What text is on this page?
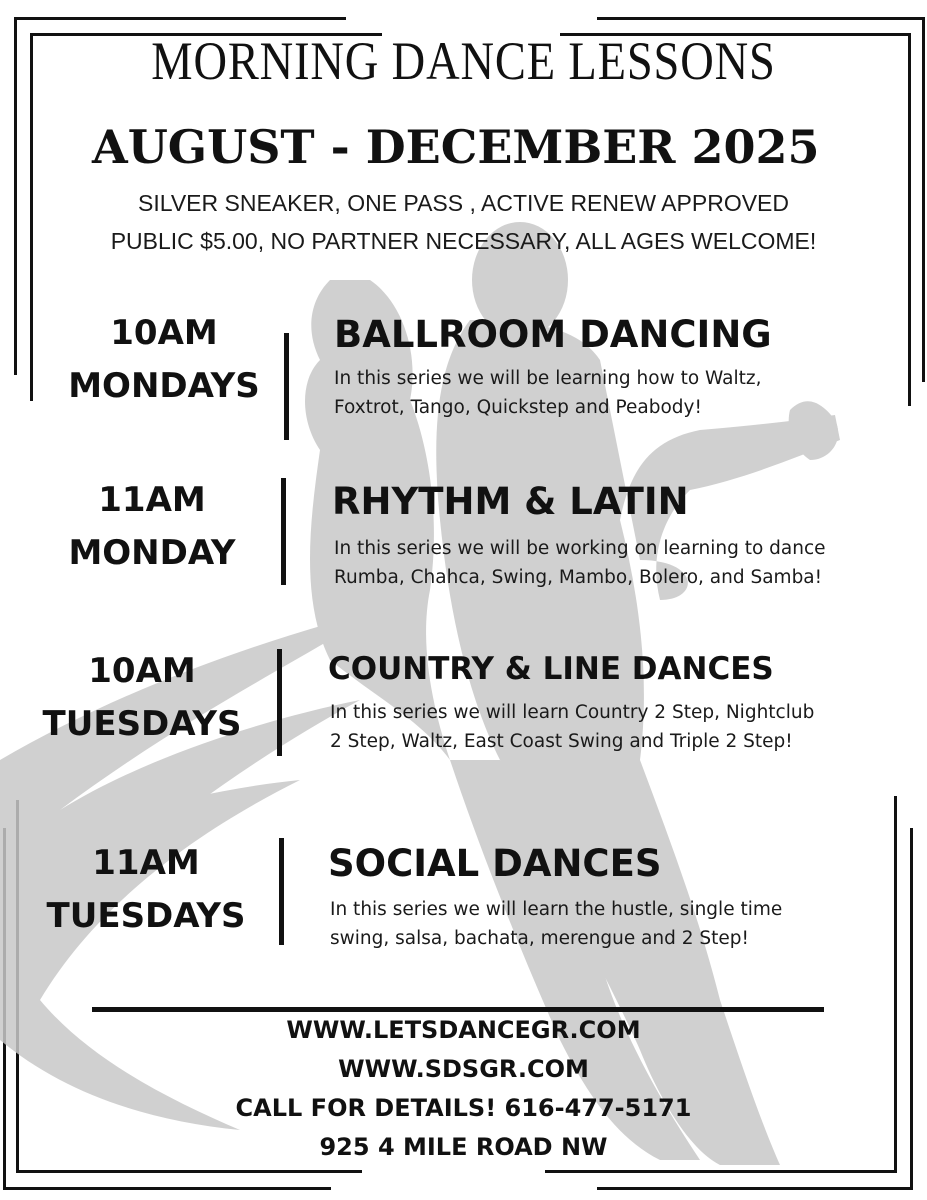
MORNING DANCE LESSONS
AUGUST - DECEMBER 2025
SILVER SNEAKER, ONE PASS , ACTIVE RENEW APPROVED
PUBLIC $5.00, NO PARTNER NECESSARY, ALL AGES WELCOME!
10AM
MONDAYS
BALLROOM DANCING
In this series we will be learning how to Waltz, Foxtrot, Tango, Quickstep and Peabody!
11AM
MONDAY
RHYTHM & LATIN
In this series we will be working on learning to dance Rumba, Chahca, Swing, Mambo, Bolero, and Samba!
10AM
TUESDAYS
COUNTRY & LINE DANCES
In this series we will learn Country 2 Step, Nightclub 2 Step, Waltz, East Coast Swing and Triple 2 Step!
11AM
TUESDAYS
SOCIAL DANCES
In this series we will learn the hustle, single time swing, salsa, bachata, merengue and 2 Step!
WWW.LETSDANCEGR.COM
WWW.SDSGR.COM
CALL FOR DETAILS! 616-477-5171
925 4 MILE ROAD NW
